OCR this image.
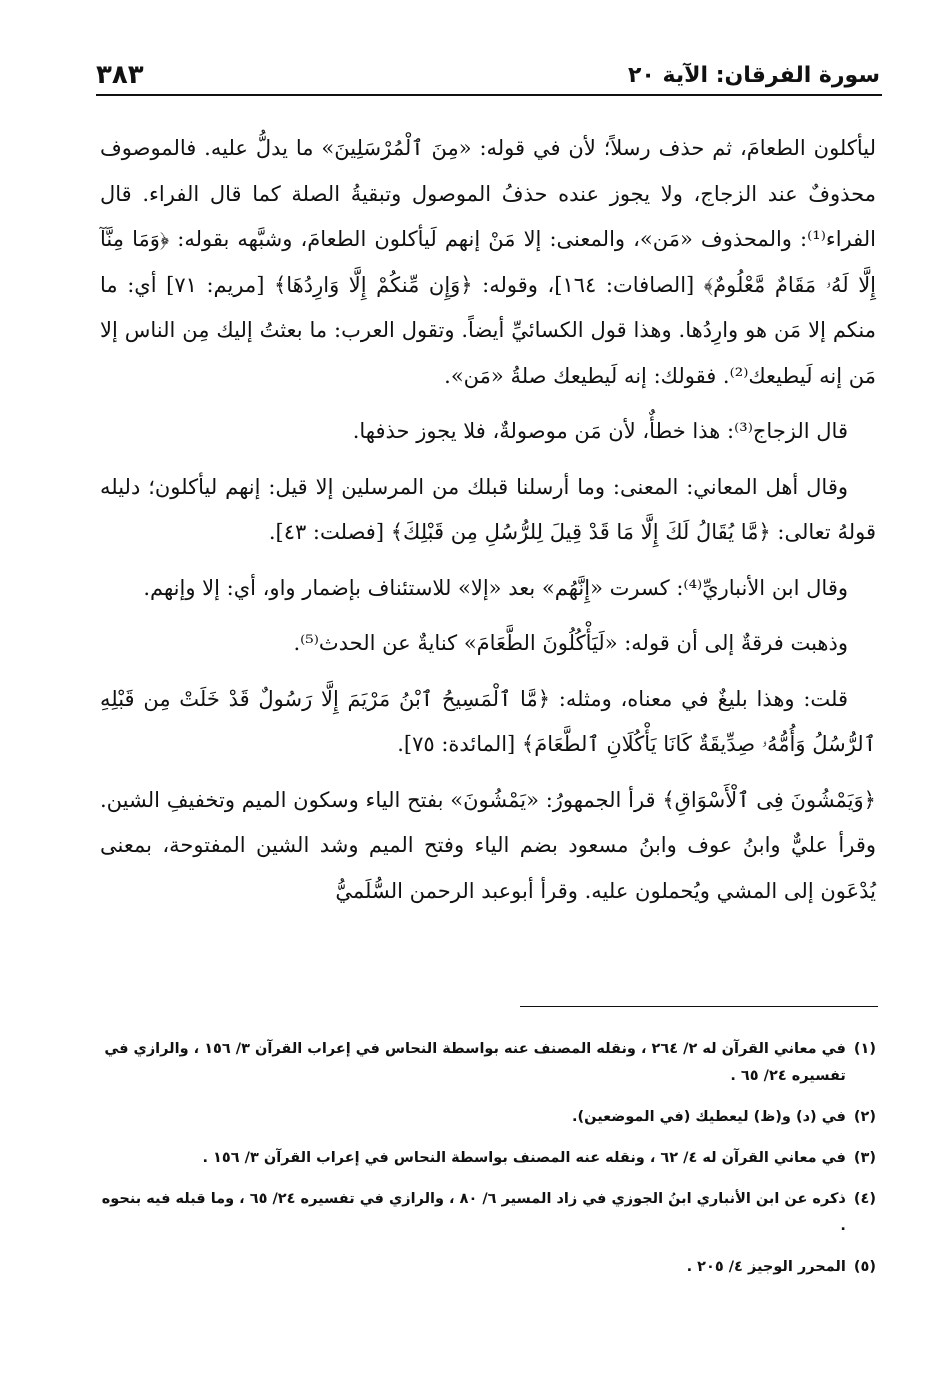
سورة الفرقان: الآية ٢٠
٣٨٣

ليأكلون الطعامَ، ثم حذف رسلاً؛ لأن في قوله: «مِنَ ٱلْمُرْسَلِينَ» ما يدلُّ عليه. فالموصوف محذوفٌ عند الزجاج، ولا يجوز عنده حذفُ الموصول وتبقيةُ الصلة كما قال الفراء. قال الفراء⁽¹⁾: والمحذوف «مَن»، والمعنى: إلا مَنْ إنهم لَيأكلون الطعامَ، وشبَّهه بقوله: ﴿وَمَا مِنَّآ إِلَّا لَهُۥ مَقَامٌ مَّعْلُومٌ﴾ [الصافات: ١٦٤]، وقوله: ﴿وَإِن مِّنكُمْ إِلَّا وَارِدُهَا﴾ [مريم: ٧١] أي: ما منكم إلا مَن هو وارِدُها. وهذا قول الكسائيِّ أيضاً. وتقول العرب: ما بعثتُ إليك مِن الناس إلا مَن إنه لَيطيعك⁽²⁾. فقولك: إنه لَيطيعك صلةُ «مَن».

قال الزجاج⁽³⁾: هذا خطأٌ، لأن مَن موصولةٌ، فلا يجوز حذفها.

وقال أهل المعاني: المعنى: وما أرسلنا قبلك من المرسلين إلا قيل: إنهم ليأكلون؛ دليله قولهُ تعالى: ﴿مَّا يُقَالُ لَكَ إِلَّا مَا قَدْ قِيلَ لِلرُّسُلِ مِن قَبْلِكَ﴾ [فصلت: ٤٣].

وقال ابن الأنباريِّ⁽⁴⁾: كسرت «إِنَّهُم» بعد «إلا» للاستئناف بإضمار واو، أي: إلا وإنهم.

وذهبت فرقةٌ إلى أن قوله: «لَيَأْكُلُونَ الطَّعَامَ» كنايةٌ عن الحدث⁽⁵⁾.

قلت: وهذا بليغٌ في معناه، ومثله: ﴿مَّا ٱلْمَسِيحُ ٱبْنُ مَرْيَمَ إِلَّا رَسُولٌ قَدْ خَلَتْ مِن قَبْلِهِ ٱلرُّسُلُ وَأُمُّهُۥ صِدِّيقَةٌ كَانَا يَأْكُلَانِ ٱلطَّعَامَ﴾ [المائدة: ٧٥].

﴿وَيَمْشُونَ فِى ٱلْأَسْوَاقِ﴾ قرأ الجمهورُ: «يَمْشُونَ» بفتح الياء وسكون الميم وتخفيفِ الشين. وقرأ عليٌّ وابنُ عوف وابنُ مسعود بضم الياء وفتح الميم وشد الشين المفتوحة، بمعنى يُدْعَون إلى المشي ويُحملون عليه. وقرأ أبوعبد الرحمن السُّلَميُّ

(١)
في معاني القرآن له ٢/ ٢٦٤ ، ونقله المصنف عنه بواسطة النحاس في إعراب القرآن ٣/ ١٥٦ ، والرازي في تفسيره ٢٤/ ٦٥ .
(٢)
في (د) و(ظ) ليعطيك (في الموضعين).
(٣)
في معاني القرآن له ٤/ ٦٢ ، ونقله عنه المصنف بواسطة النحاس في إعراب القرآن ٣/ ١٥٦ .
(٤)
ذكره عن ابن الأنباري ابنُ الجوزي في زاد المسير ٦/ ٨٠ ، والرازي في تفسيره ٢٤/ ٦٥ ، وما قبله فيه بنحوه .
(٥)
المحرر الوجيز ٤/ ٢٠٥ .
